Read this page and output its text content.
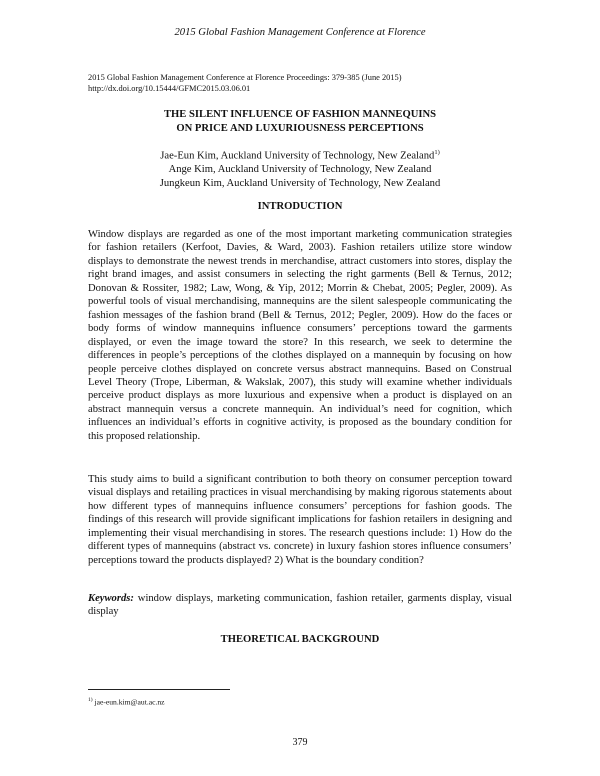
2015 Global Fashion Management Conference at Florence
2015 Global Fashion Management Conference at Florence Proceedings: 379-385 (June 2015)
http://dx.doi.org/10.15444/GFMC2015.03.06.01
THE SILENT INFLUENCE OF FASHION MANNEQUINS
ON PRICE AND LUXURIOUSNESS PERCEPTIONS
Jae-Eun Kim, Auckland University of Technology, New Zealand$^{1)}$
Ange Kim, Auckland University of Technology, New Zealand
Jungkeun Kim, Auckland University of Technology, New Zealand
INTRODUCTION
Window displays are regarded as one of the most important marketing communication strategies for fashion retailers (Kerfoot, Davies, & Ward, 2003). Fashion retailers utilize store window displays to demonstrate the newest trends in merchandise, attract customers into stores, display the right brand images, and assist consumers in selecting the right garments (Bell & Ternus, 2012; Donovan & Rossiter, 1982; Law, Wong, & Yip, 2012; Morrin & Chebat, 2005; Pegler, 2009). As powerful tools of visual merchandising, mannequins are the silent salespeople communicating the fashion messages of the fashion brand (Bell & Ternus, 2012; Pegler, 2009). How do the faces or body forms of window mannequins influence consumers’ perceptions toward the garments displayed, or even the image toward the store? In this research, we seek to determine the differences in people’s perceptions of the clothes displayed on a mannequin by focusing on how people perceive clothes displayed on concrete versus abstract mannequins. Based on Construal Level Theory (Trope, Liberman, & Wakslak, 2007), this study will examine whether individuals perceive product displays as more luxurious and expensive when a product is displayed on an abstract mannequin versus a concrete mannequin. An individual’s need for cognition, which influences an individual’s efforts in cognitive activity, is proposed as the boundary condition for this proposed relationship.
This study aims to build a significant contribution to both theory on consumer perception toward visual displays and retailing practices in visual merchandising by making rigorous statements about how different types of mannequins influence consumers’ perceptions for fashion goods. The findings of this research will provide significant implications for fashion retailers in designing and implementing their visual merchandising in stores. The research questions include: 1) How do the different types of mannequins (abstract vs. concrete) in luxury fashion stores influence consumers’ perceptions toward the products displayed? 2) What is the boundary condition?
Keywords: window displays, marketing communication, fashion retailer, garments display, visual display
THEORETICAL BACKGROUND
$^{1)}$ jae-eun.kim@aut.ac.nz
379
